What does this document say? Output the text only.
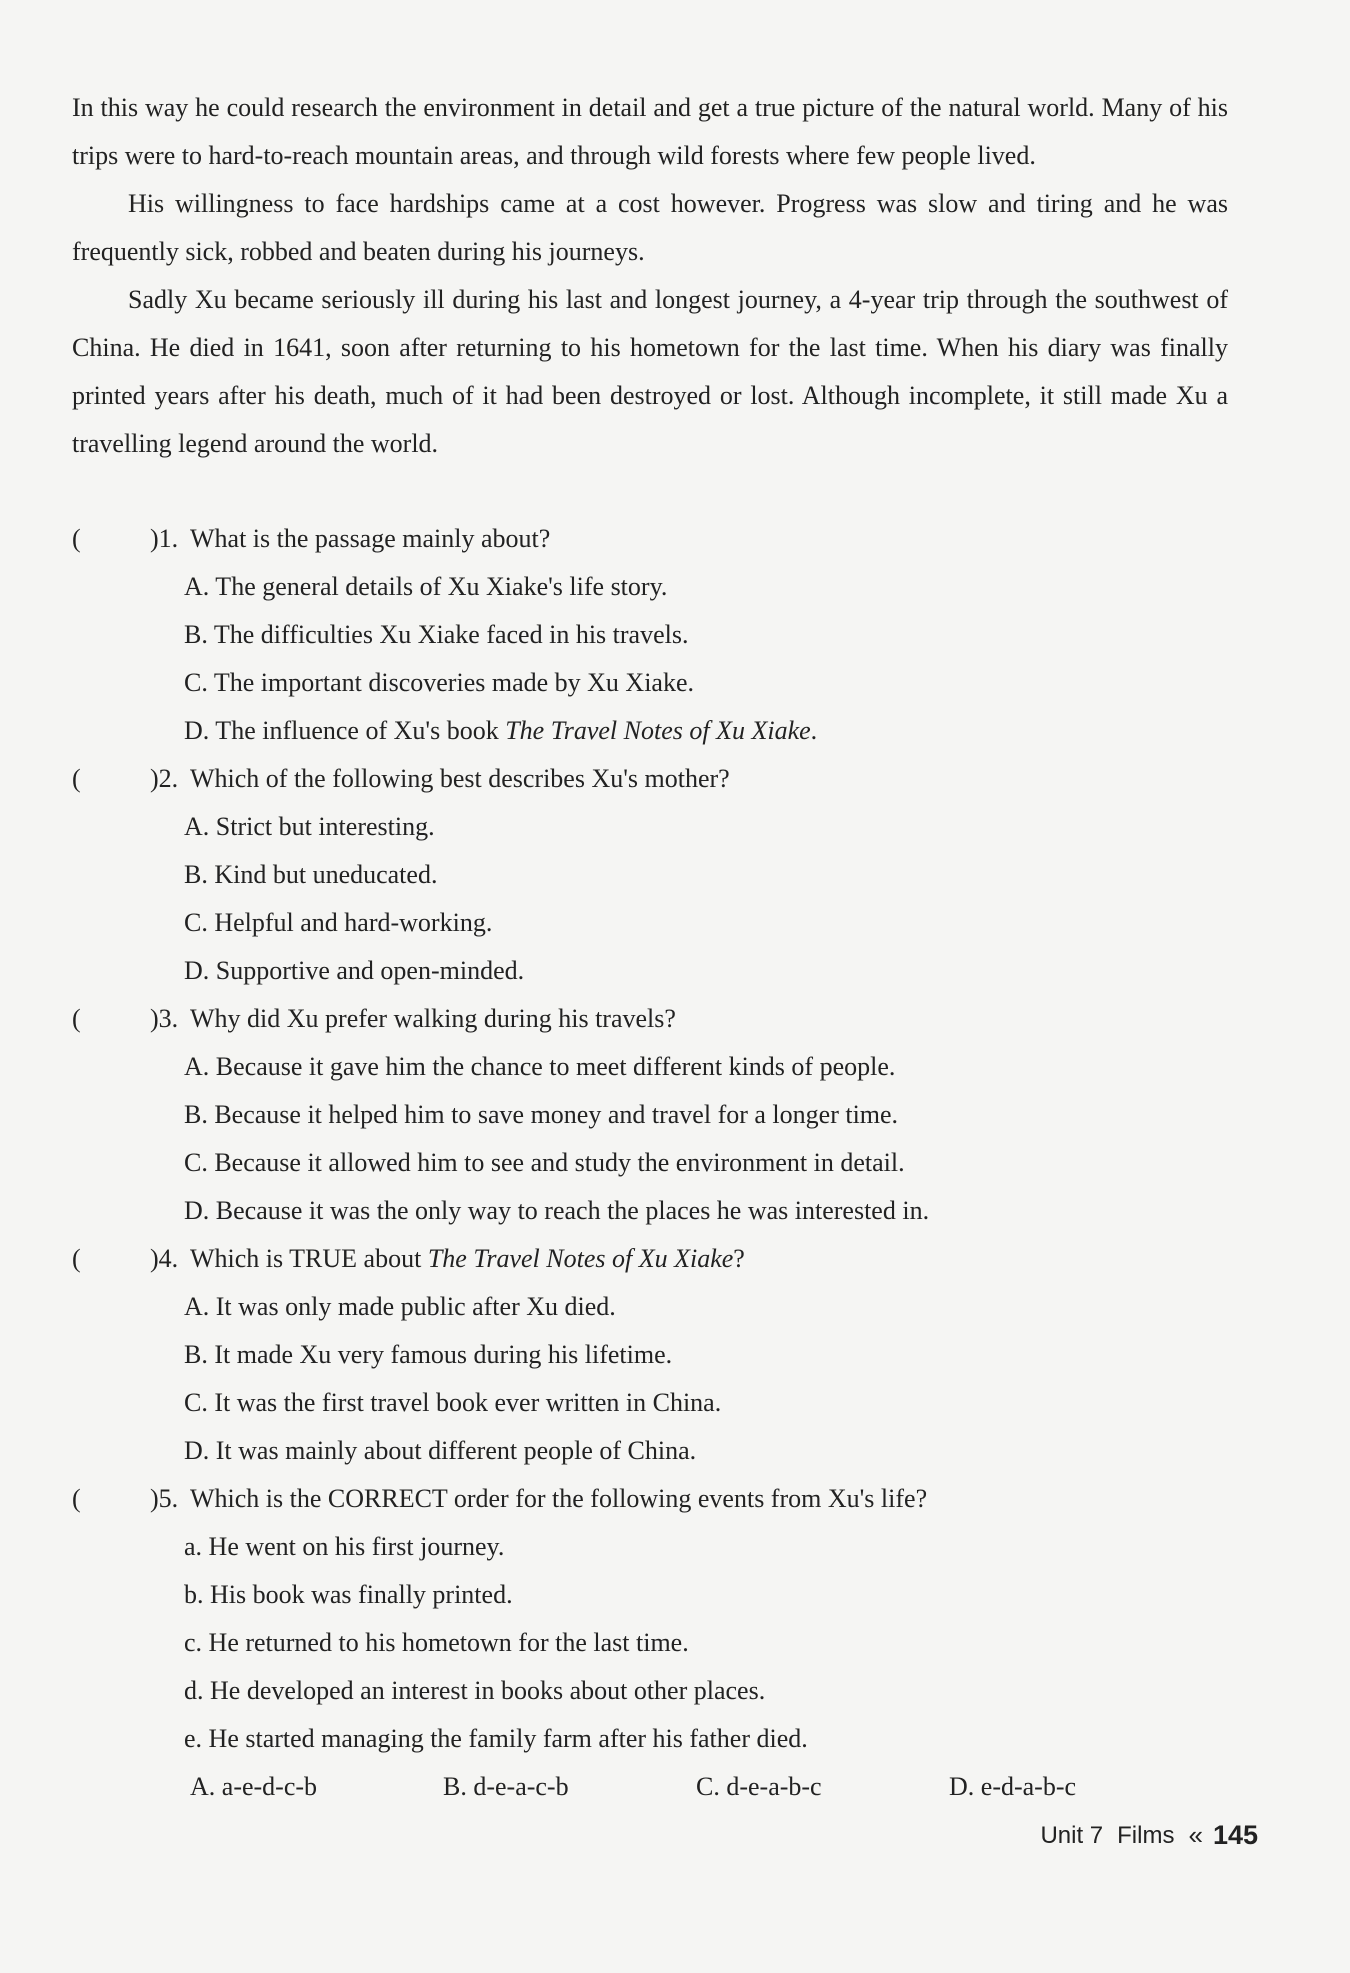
In this way he could research the environment in detail and get a true picture of the natural world. Many of his trips were to hard-to-reach mountain areas, and through wild forests where few people lived.

His willingness to face hardships came at a cost however. Progress was slow and tiring and he was frequently sick, robbed and beaten during his journeys.

Sadly Xu became seriously ill during his last and longest journey, a 4-year trip through the southwest of China. He died in 1641, soon after returning to his hometown for the last time. When his diary was finally printed years after his death, much of it had been destroyed or lost. Although incomplete, it still made Xu a travelling legend around the world.

(	)1. What is the passage mainly about?
A. The general details of Xu Xiake's life story.
B. The difficulties Xu Xiake faced in his travels.
C. The important discoveries made by Xu Xiake.
D. The influence of Xu's book The Travel Notes of Xu Xiake.
(	)2. Which of the following best describes Xu's mother?
A. Strict but interesting.
B. Kind but uneducated.
C. Helpful and hard-working.
D. Supportive and open-minded.
(	)3. Why did Xu prefer walking during his travels?
A. Because it gave him the chance to meet different kinds of people.
B. Because it helped him to save money and travel for a longer time.
C. Because it allowed him to see and study the environment in detail.
D. Because it was the only way to reach the places he was interested in.
(	)4. Which is TRUE about The Travel Notes of Xu Xiake?
A. It was only made public after Xu died.
B. It made Xu very famous during his lifetime.
C. It was the first travel book ever written in China.
D. It was mainly about different people of China.
(	)5. Which is the CORRECT order for the following events from Xu's life?
a. He went on his first journey.
b. His book was finally printed.
c. He returned to his hometown for the last time.
d. He developed an interest in books about other places.
e. He started managing the family farm after his father died.
A. a-e-d-c-b	B. d-e-a-c-b	C. d-e-a-b-c	D. e-d-a-b-c
Unit 7 Films « 145
